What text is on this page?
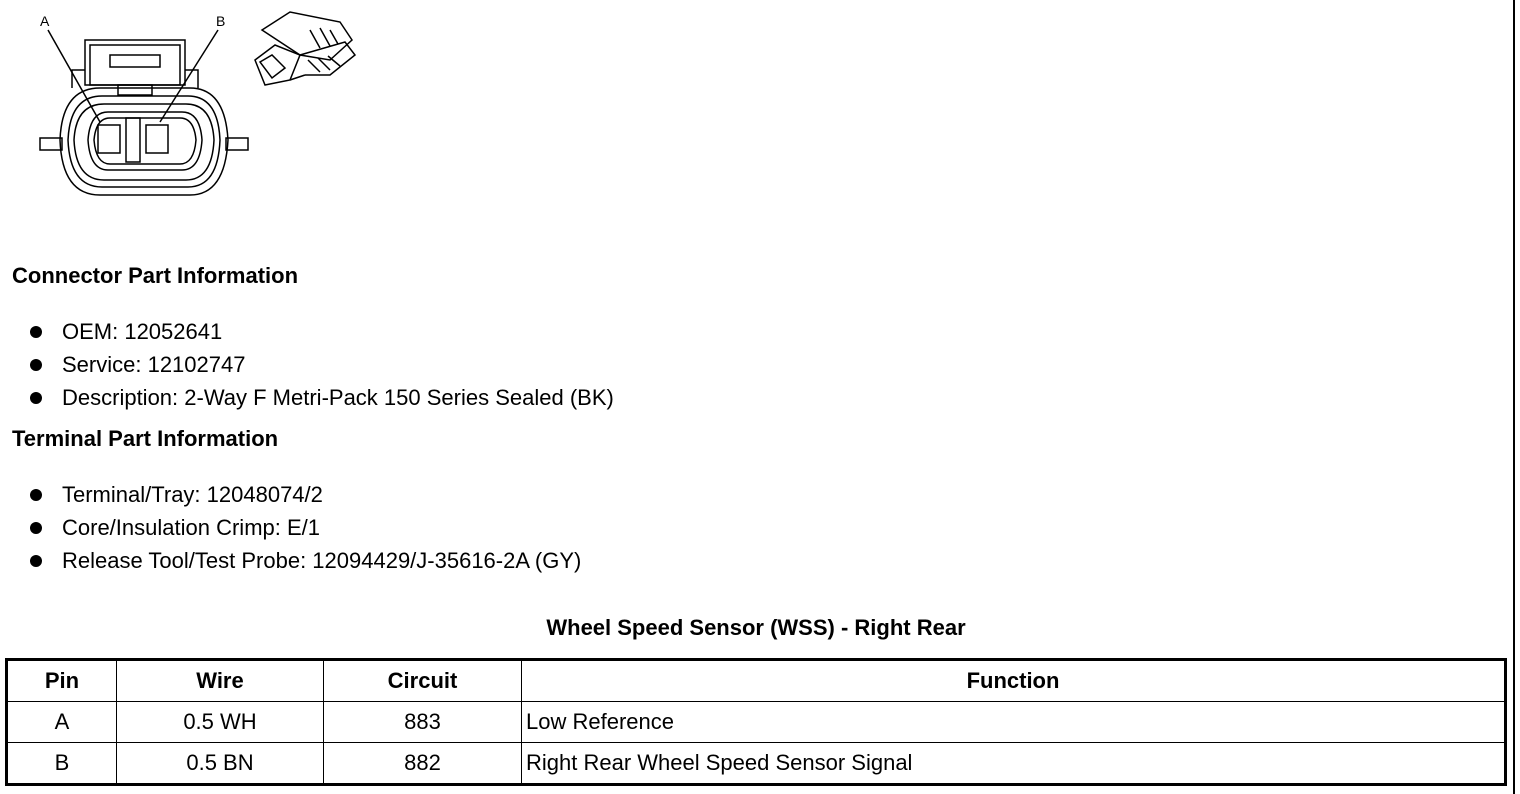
A	B
Connector Part Information
OEM: 12052641
Service: 12102747
Description: 2-Way F Metri-Pack 150 Series Sealed (BK)
Terminal Part Information
Terminal/Tray: 12048074/2
Core/Insulation Crimp: E/1
Release Tool/Test Probe: 12094429/J-35616-2A (GY)
Wheel Speed Sensor (WSS) - Right Rear
Pin	Wire	Circuit	Function
A	0.5 WH	883	Low Reference
B	0.5 BN	882	Right Rear Wheel Speed Sensor Signal
